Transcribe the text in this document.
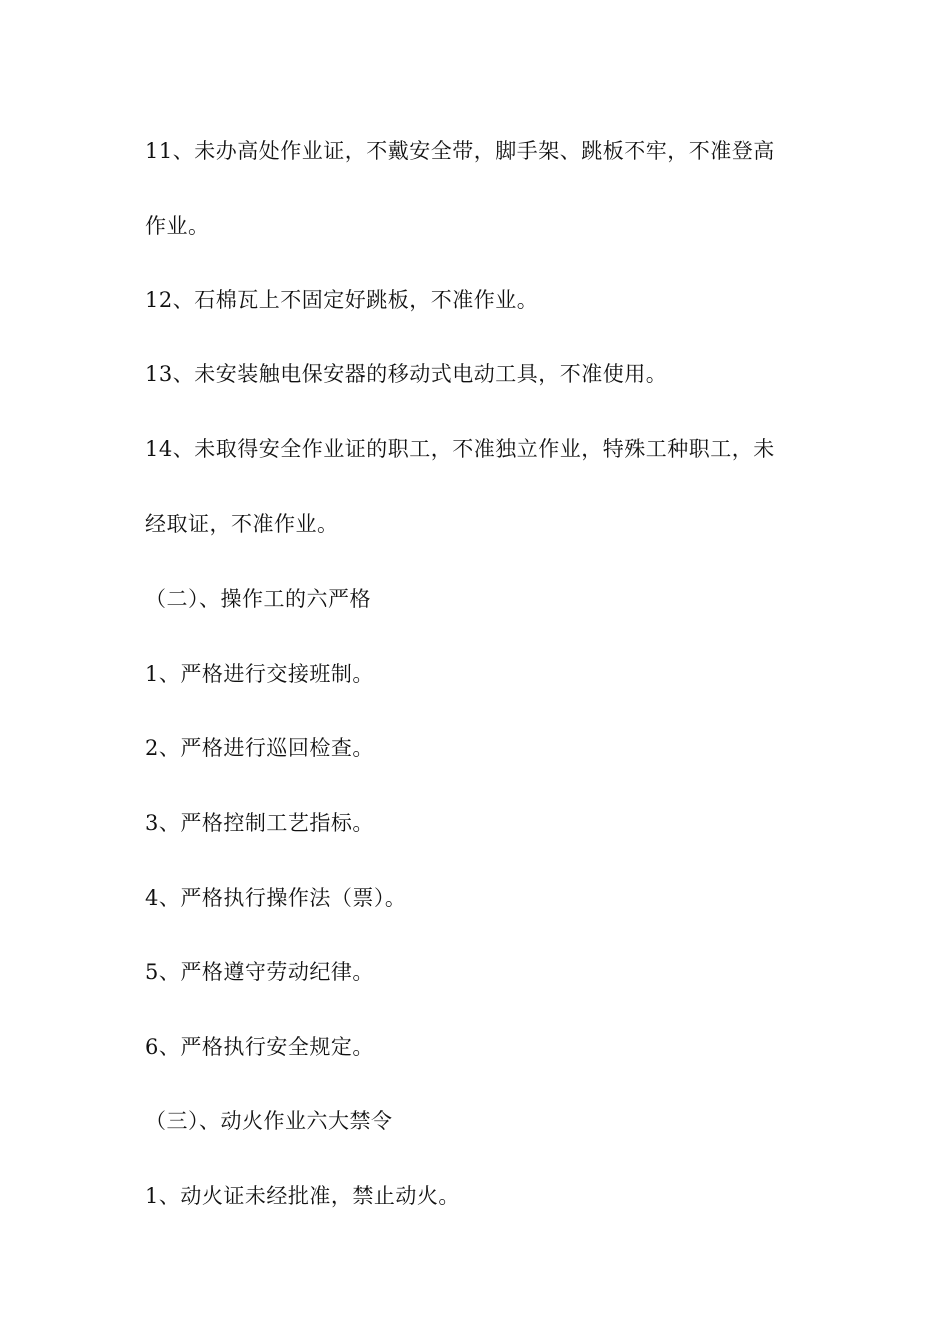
11、未办高处作业证，不戴安全带，脚手架、跳板不牢，不准登高
作业。
12、石棉瓦上不固定好跳板，不准作业。
13、未安装触电保安器的移动式电动工具，不准使用。
14、未取得安全作业证的职工，不准独立作业，特殊工种职工，未
经取证，不准作业。
（二）、操作工的六严格
1、严格进行交接班制。
2、严格进行巡回检查。
3、严格控制工艺指标。
4、严格执行操作法（票）。
5、严格遵守劳动纪律。
6、严格执行安全规定。
（三）、动火作业六大禁令
1、动火证未经批准，禁止动火。
